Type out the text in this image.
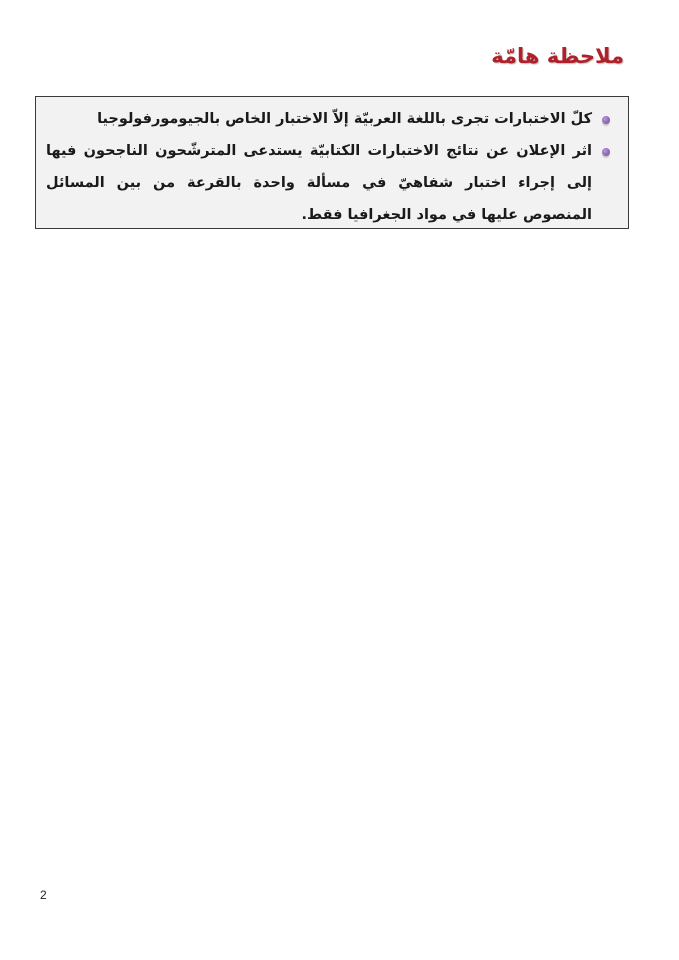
ملاحظة هامّة
كلّ الاختبارات تجرى باللغة العربيّة إلاّ الاختبار الخاص بالجيومورفولوجيا
اثر الإعلان عن نتائج الاختبارات الكتابيّة يستدعى المترشّحون الناجحون فيها إلى إجراء اختبار شفاهيّ في مسألة واحدة بالقرعة من بين المسائل المنصوص عليها في مواد الجغرافيا فقط.
2
